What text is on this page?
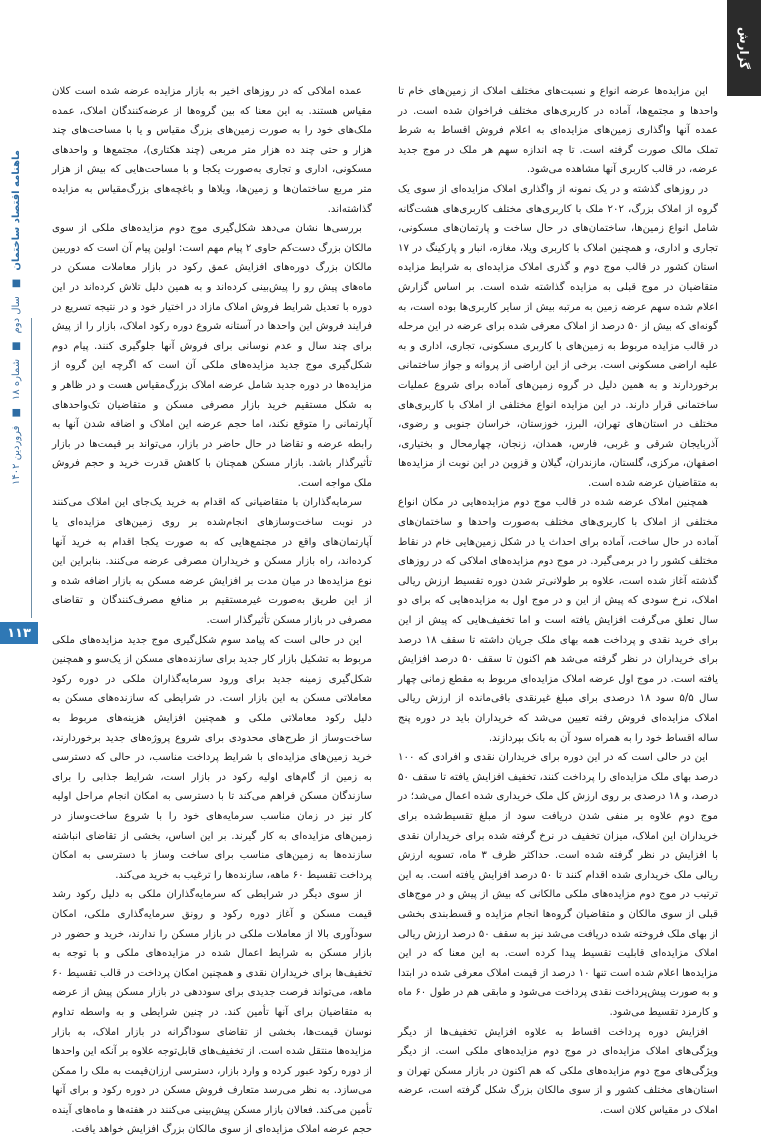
گزارش
ماهنامه اقتصاد ساختمان
■
سال دوم
■
شماره ۱۸
■
فروردین ۱۴۰۲
۱۱۳

این مزایده‌ها عرضه انواع و نسبت‌های مختلف املاک از زمین‌های خام تا واحدها و مجتمع‌ها، آماده در کاربری‌های مختلف فراخوان شده است. در عمده آنها واگذاری زمین‌های مزایده‌ای به اعلام فروش اقساط به شرط تملک مالک صورت گرفته است. تا چه اندازه سهم هر ملک در موج جدید عرضه، در قالب کاربری آنها مشاهده می‌شود.

در روزهای گذشته و در یک نمونه از واگذاری املاک مزایده‌ای از سوی یک گروه از املاک بزرگ، ۲۰۲ ملک با کاربری‌های مختلف کاربری‌های هشت‌گانه شامل انواع زمین‌ها، ساختمان‌های در حال ساخت و پارتمان‌های مسکونی، تجاری و اداری، و همچنین املاک با کاربری ویلا، مغازه، انبار و پارکینگ در ۱۷ استان کشور در قالب موج دوم و گذری املاک مزایده‌ای به شرایط مزایده متقاضیان در موج قبلی به مزایده گذاشته شده است. بر اساس گزارش اعلام شده سهم عرضه زمین به مرتبه بیش از سایر کاربری‌ها بوده است، به گونه‌ای که بیش از ۵۰ درصد از املاک معرفی شده برای عرضه در این مرحله در قالب مزایده مربوط به زمین‌های با کاربری مسکونی، تجاری، اداری و به علیه اراضی مسکونی است. برخی از این اراضی از پروانه و جواز ساختمانی برخوردارند و به همین دلیل در گروه زمین‌های آماده برای شروع عملیات ساختمانی قرار دارند. در این مزایده انواع مختلفی از املاک با کاربری‌های مختلف در استان‌های تهران، البرز، خوزستان، خراسان جنوبی و رضوی، آذربایجان شرقی و غربی، فارس، همدان، زنجان، چهارمحال و بختیاری، اصفهان، مرکزی، گلستان، مازندران، گیلان و قزوین در این نوبت از مزایده‌ها به متقاضیان عرضه شده است.

همچنین املاک عرضه شده در قالب موج دوم مزایده‌هایی در مکان انواع مختلفی از املاک با کاربری‌های مختلف به‌صورت واحدها و ساختمان‌های آماده در حال ساخت، آماده برای احداث یا در شکل زمین‌هایی خام در نقاط مختلف کشور را در برمی‌گیرد. در موج دوم مزایده‌های املاکی که در روزهای گذشته آغاز شده است، علاوه بر طولانی‌تر شدن دوره تقسیط ارزش ریالی املاک، نرخ سودی که پیش از این و در موج اول به مزایده‌هایی که برای دو سال تعلق می‌گرفت افزایش یافته است و اما تخفیف‌هایی که پیش از این برای خرید نقدی و پرداخت همه بهای ملک جریان داشته تا سقف ۱۸ درصد برای خریداران در نظر گرفته می‌شد هم اکنون تا سقف ۵۰ درصد افزایش یافته است. در موج اول عرضه املاک مزایده‌ای مربوط به مقطع زمانی چهار سال ۵/۵ سود ۱۸ درصدی برای مبلغ غیرنقدی باقی‌مانده از ارزش ریالی املاک مزایده‌ای فروش رفته تعیین می‌شد که خریداران باید در دوره پنج ساله اقساط خود را به همراه سود آن به بانک بپردازند.

این در حالی است که در این دوره برای خریداران نقدی و افرادی که ۱۰۰ درصد بهای ملک مزایده‌ای را پرداخت کنند، تخفیف افزایش یافته تا سقف ۵۰ درصد، و ۱۸ درصدی بر روی ارزش کل ملک خریداری شده اعمال می‌شد؛ در موج دوم علاوه بر منفی شدن دریافت سود از مبلغ تقسیط‌شده برای خریداران این املاک، میزان تخفیف در نرخ گرفته شده برای خریداران نقدی با افزایش در نظر گرفته شده است. حداکثر ظرف ۳ ماه، تسویه ارزش ریالی ملک خریداری شده اقدام کنند تا ۵۰ درصد افزایش یافته است. به این ترتیب در موج دوم مزایده‌های ملکی مالکانی که بیش از پیش و در موج‌های قبلی از سوی مالکان و متقاضیان گروه‌ها انجام مزایده و قسط‌بندی بخشی از بهای ملک فروخته شده دریافت می‌شد نیز به سقف ۵۰ درصد ارزش ریالی املاک مزایده‌ای قابلیت تقسیط پیدا کرده است. به این معنا که در این مزایده‌ها اعلام شده است تنها ۱۰ درصد از قیمت املاک معرفی شده در ابتدا و به صورت پیش‌پرداخت نقدی پرداخت می‌شود و مابقی هم در طول ۶۰ ماه و کارمزد تقسیط می‌شود.

افزایش دوره پرداخت اقساط به علاوه افزایش تخفیف‌ها از دیگر ویژگی‌های املاک مزایده‌ای در موج دوم مزایده‌های ملکی است. از دیگر ویژگی‌های موج دوم مزایده‌های ملکی که هم اکنون در بازار مسکن تهران و استان‌های مختلف کشور و از سوی مالکان بزرگ شکل گرفته است، عرضه املاک در مقیاس کلان است.

عمده املاکی که در روزهای اخیر به بازار مزایده عرضه شده است کلان مقیاس هستند. به این معنا که بین گروه‌ها از عرضه‌کنندگان املاک، عمده ملک‌های خود را به صورت زمین‌های بزرگ مقیاس و یا با مساحت‌های چند هزار و حتی چند ده هزار متر مربعی (چند هکتاری)، مجتمع‌ها و واحدهای مسکونی، اداری و تجاری به‌صورت یکجا و با مساحت‌هایی که بیش از هزار متر مربع ساختمان‌ها و زمین‌ها، ویلاها و باغچه‌های بزرگ‌مقیاس به مزایده گذاشته‌اند.

بررسی‌ها نشان می‌دهد شکل‌گیری موج دوم مزایده‌های ملکی از سوی مالکان بزرگ دست‌کم حاوی ۲ پیام مهم است: اولین پیام آن است که دوربین مالکان بزرگ دوره‌های افزایش عمق رکود در بازار معاملات مسکن در ماه‌های پیش رو را پیش‌بینی کرده‌اند و به همین دلیل تلاش کرده‌اند در این دوره با تعدیل شرایط فروش املاک مازاد در اختیار خود و در نتیجه تسریع در فرایند فروش این واحدها در آستانه شروع دوره رکود املاک، بازار را از پیش برای چند سال و عدم نوسانی برای فروش آنها جلوگیری کنند. پیام دوم شکل‌گیری موج جدید مزایده‌های ملکی آن است که اگرچه این گروه از مزایده‌ها در دوره جدید شامل عرضه املاک بزرگ‌مقیاس هست و در ظاهر و به شکل مستقیم خرید بازار مصرفی مسکن و متقاضیان تک‌واحدهای آپارتمانی را متوقع نکند، اما حجم عرضه این املاک و اضافه شدن آنها به رابطه عرضه و تقاضا در حال حاضر در بازار، می‌تواند بر قیمت‌ها در بازار تأثیرگذار باشد. بازار مسکن همچنان با کاهش قدرت خرید و حجم فروش ملک مواجه است.

سرمایه‌گذاران با متقاضیانی که اقدام به خرید یک‌جای این املاک می‌کنند در نوبت ساخت‌وسازهای انجام‌شده بر روی زمین‌های مزایده‌ای یا آپارتمان‌های واقع در مجتمع‌هایی که به صورت یکجا اقدام به خرید آنها کرده‌اند، راه بازار مسکن و خریداران مصرفی عرضه می‌کنند. بنابراین این نوع مزایده‌ها در میان مدت بر افزایش عرضه مسکن به بازار اضافه شده و از این طریق به‌صورت غیرمستقیم بر منافع مصرف‌کنندگان و تقاضای مصرفی در بازار مسکن تأثیرگذار است.

این در حالی است که پیامد سوم شکل‌گیری موج جدید مزایده‌های ملکی مربوط به تشکیل بازار کار جدید برای سازنده‌های مسکن از یک‌سو و همچنین شکل‌گیری زمینه جدید برای ورود سرمایه‌گذاران ملکی در دوره رکود معاملاتی مسکن به این بازار است. در شرایطی که سازنده‌های مسکن به دلیل رکود معاملاتی ملکی و همچنین افزایش هزینه‌های مربوط به ساخت‌وساز از طرح‌های محدودی برای شروع پروژه‌های جدید برخوردارند، خرید زمین‌های مزایده‌ای با شرایط پرداخت مناسب، در حالی که دسترسی به زمین از گام‌های اولیه رکود در بازار است، شرایط جذابی را برای سازندگان مسکن فراهم می‌کند تا با دسترسی به امکان انجام مراحل اولیه کار نیز در زمان مناسب سرمایه‌های خود را با شروع ساخت‌وساز در زمین‌های مزایده‌ای به کار گیرند. بر این اساس، بخشی از تقاضای انباشته سازنده‌ها به زمین‌های مناسب برای ساخت وساز با دسترسی به امکان پرداخت تقسیط ۶۰ ماهه، سازنده‌ها را ترغیب به خرید می‌کند.

از سوی دیگر در شرایطی که سرمایه‌گذاران ملکی به دلیل رکود رشد قیمت مسکن و آغاز دوره رکود و رونق سرمایه‌گذاری ملکی، امکان سودآوری بالا از معاملات ملکی در بازار مسکن را ندارند، خرید و حضور در بازار مسکن به شرایط اعمال شده در مزایده‌های ملکی و با توجه به تخفیف‌ها برای خریداران نقدی و همچنین امکان پرداخت در قالب تقسیط ۶۰ ماهه، می‌تواند فرصت جدیدی برای سوددهی در بازار مسکن پیش از عرضه به متقاضیان برای آنها تأمین کند. در چنین شرایطی و به واسطه تداوم نوسان قیمت‌ها، بخشی از تقاضای سوداگرانه در بازار املاک، به بازار مزایده‌ها منتقل شده است. از تخفیف‌های قابل‌توجه علاوه بر آنکه این واحدها از دوره رکود عبور کرده و وارد بازار، دسترسی ارزان‌قیمت به ملک را ممکن می‌سازد. به نظر می‌رسد متعارف فروش مسکن در دوره رکود و برای آنها تأمین می‌کند. فعالان بازار مسکن پیش‌بینی می‌کنند در هفته‌ها و ماه‌های آینده حجم عرضه املاک مزایده‌ای از سوی مالکان بزرگ افزایش خواهد یافت.
